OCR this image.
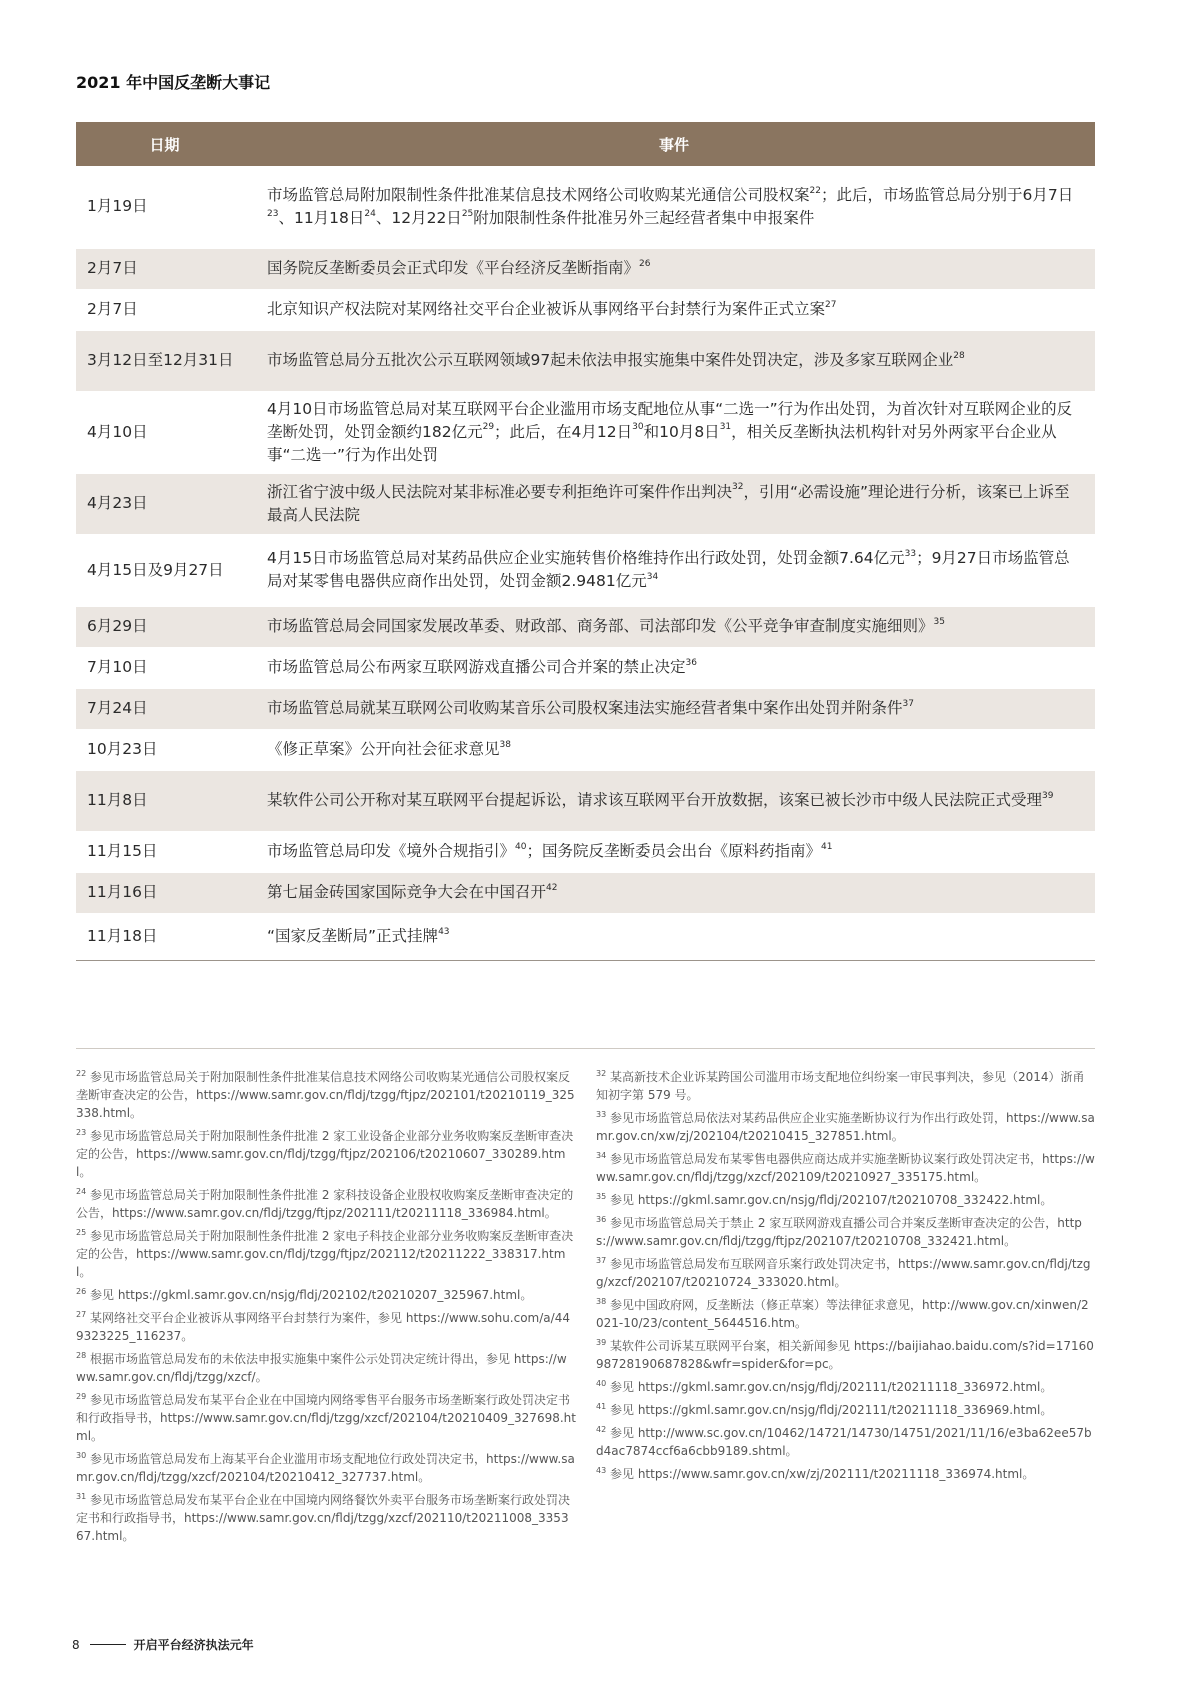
2021 年中国反垄断大事记
日期	事件
1月19日	市场监管总局附加限制性条件批准某信息技术网络公司收购某光通信公司股权案$^{22}$；此后，市场监管总局分别于6月7日$^{23}$、11月18日$^{24}$、12月22日$^{25}$附加限制性条件批准另外三起经营者集中申报案件
2月7日	国务院反垄断委员会正式印发《平台经济反垄断指南》$^{26}$
2月7日	北京知识产权法院对某网络社交平台企业被诉从事网络平台封禁行为案件正式立案$^{27}$
3月12日至12月31日	市场监管总局分五批次公示互联网领域97起未依法申报实施集中案件处罚决定，涉及多家互联网企业$^{28}$
4月10日	4月10日市场监管总局对某互联网平台企业滥用市场支配地位从事“二选一”行为作出处罚，为首次针对互联网企业的反垄断处罚，处罚金额约182亿元$^{29}$；此后，在4月12日$^{30}$和10月8日$^{31}$，相关反垄断执法机构针对另外两家平台企业从事“二选一”行为作出处罚
4月23日	浙江省宁波中级人民法院对某非标准必要专利拒绝许可案件作出判决$^{32}$，引用“必需设施”理论进行分析，该案已上诉至最高人民法院
4月15日及9月27日	4月15日市场监管总局对某药品供应企业实施转售价格维持作出行政处罚，处罚金额7.64亿元$^{33}$；9月27日市场监管总局对某零售电器供应商作出处罚，处罚金额2.9481亿元$^{34}$
6月29日	市场监管总局会同国家发展改革委、财政部、商务部、司法部印发《公平竞争审查制度实施细则》$^{35}$
7月10日	市场监管总局公布两家互联网游戏直播公司合并案的禁止决定$^{36}$
7月24日	市场监管总局就某互联网公司收购某音乐公司股权案违法实施经营者集中案作出处罚并附条件$^{37}$
10月23日	《修正草案》公开向社会征求意见$^{38}$
11月8日	某软件公司公开称对某互联网平台提起诉讼，请求该互联网平台开放数据，该案已被长沙市中级人民法院正式受理$^{39}$
11月15日	市场监管总局印发《境外合规指引》$^{40}$；国务院反垄断委员会出台《原料药指南》$^{41}$
11月16日	第七届金砖国家国际竞争大会在中国召开$^{42}$
11月18日	“国家反垄断局”正式挂牌$^{43}$

$^{22}$ 参见市场监管总局关于附加限制性条件批准某信息技术网络公司收购某光通信公司股权案反垄断审查决定的公告，https://www.samr.gov.cn/fldj/tzgg/ftjpz/202101/t20210119_325338.html。

$^{23}$ 参见市场监管总局关于附加限制性条件批准 2 家工业设备企业部分业务收购案反垄断审查决定的公告，https://www.samr.gov.cn/fldj/tzgg/ftjpz/202106/t20210607_330289.html。

$^{24}$ 参见市场监管总局关于附加限制性条件批准 2 家科技设备企业股权收购案反垄断审查决定的公告，https://www.samr.gov.cn/fldj/tzgg/ftjpz/202111/t20211118_336984.html。

$^{25}$ 参见市场监管总局关于附加限制性条件批准 2 家电子科技企业部分业务收购案反垄断审查决定的公告，https://www.samr.gov.cn/fldj/tzgg/ftjpz/202112/t20211222_338317.html。

$^{26}$ 参见 https://gkml.samr.gov.cn/nsjg/fldj/202102/t20210207_325967.html。

$^{27}$ 某网络社交平台企业被诉从事网络平台封禁行为案件，参见 https://www.sohu.com/a/449323225_116237。

$^{28}$ 根据市场监管总局发布的未依法申报实施集中案件公示处罚决定统计得出，参见 https://www.samr.gov.cn/fldj/tzgg/xzcf/。

$^{29}$ 参见市场监管总局发布某平台企业在中国境内网络零售平台服务市场垄断案行政处罚决定书和行政指导书，https://www.samr.gov.cn/fldj/tzgg/xzcf/202104/t20210409_327698.html。

$^{30}$ 参见市场监管总局发布上海某平台企业滥用市场支配地位行政处罚决定书，https://www.samr.gov.cn/fldj/tzgg/xzcf/202104/t20210412_327737.html。

$^{31}$ 参见市场监管总局发布某平台企业在中国境内网络餐饮外卖平台服务市场垄断案行政处罚决定书和行政指导书，https://www.samr.gov.cn/fldj/tzgg/xzcf/202110/t20211008_335367.html。

$^{32}$ 某高新技术企业诉某跨国公司滥用市场支配地位纠纷案一审民事判决，参见（2014）浙甬知初字第 579 号。

$^{33}$ 参见市场监管总局依法对某药品供应企业实施垄断协议行为作出行政处罚，https://www.samr.gov.cn/xw/zj/202104/t20210415_327851.html。

$^{34}$ 参见市场监管总局发布某零售电器供应商达成并实施垄断协议案行政处罚决定书，https://www.samr.gov.cn/fldj/tzgg/xzcf/202109/t20210927_335175.html。

$^{35}$ 参见 https://gkml.samr.gov.cn/nsjg/fldj/202107/t20210708_332422.html。

$^{36}$ 参见市场监管总局关于禁止 2 家互联网游戏直播公司合并案反垄断审查决定的公告，https://www.samr.gov.cn/fldj/tzgg/ftjpz/202107/t20210708_332421.html。

$^{37}$ 参见市场监管总局发布互联网音乐案行政处罚决定书，https://www.samr.gov.cn/fldj/tzgg/xzcf/202107/t20210724_333020.html。

$^{38}$ 参见中国政府网，反垄断法（修正草案）等法律征求意见，http://www.gov.cn/xinwen/2021-10/23/content_5644516.htm。

$^{39}$ 某软件公司诉某互联网平台案，相关新闻参见 https://baijiahao.baidu.com/s?id=1716098728190687828&wfr=spider&for=pc。

$^{40}$ 参见 https://gkml.samr.gov.cn/nsjg/fldj/202111/t20211118_336972.html。

$^{41}$ 参见 https://gkml.samr.gov.cn/nsjg/fldj/202111/t20211118_336969.html。

$^{42}$ 参见 http://www.sc.gov.cn/10462/14721/14730/14751/2021/11/16/e3ba62ee57bd4ac7874ccf6a6cbb9189.shtml。

$^{43}$ 参见 https://www.samr.gov.cn/xw/zj/202111/t20211118_336974.html。

8	开启平台经济执法元年
